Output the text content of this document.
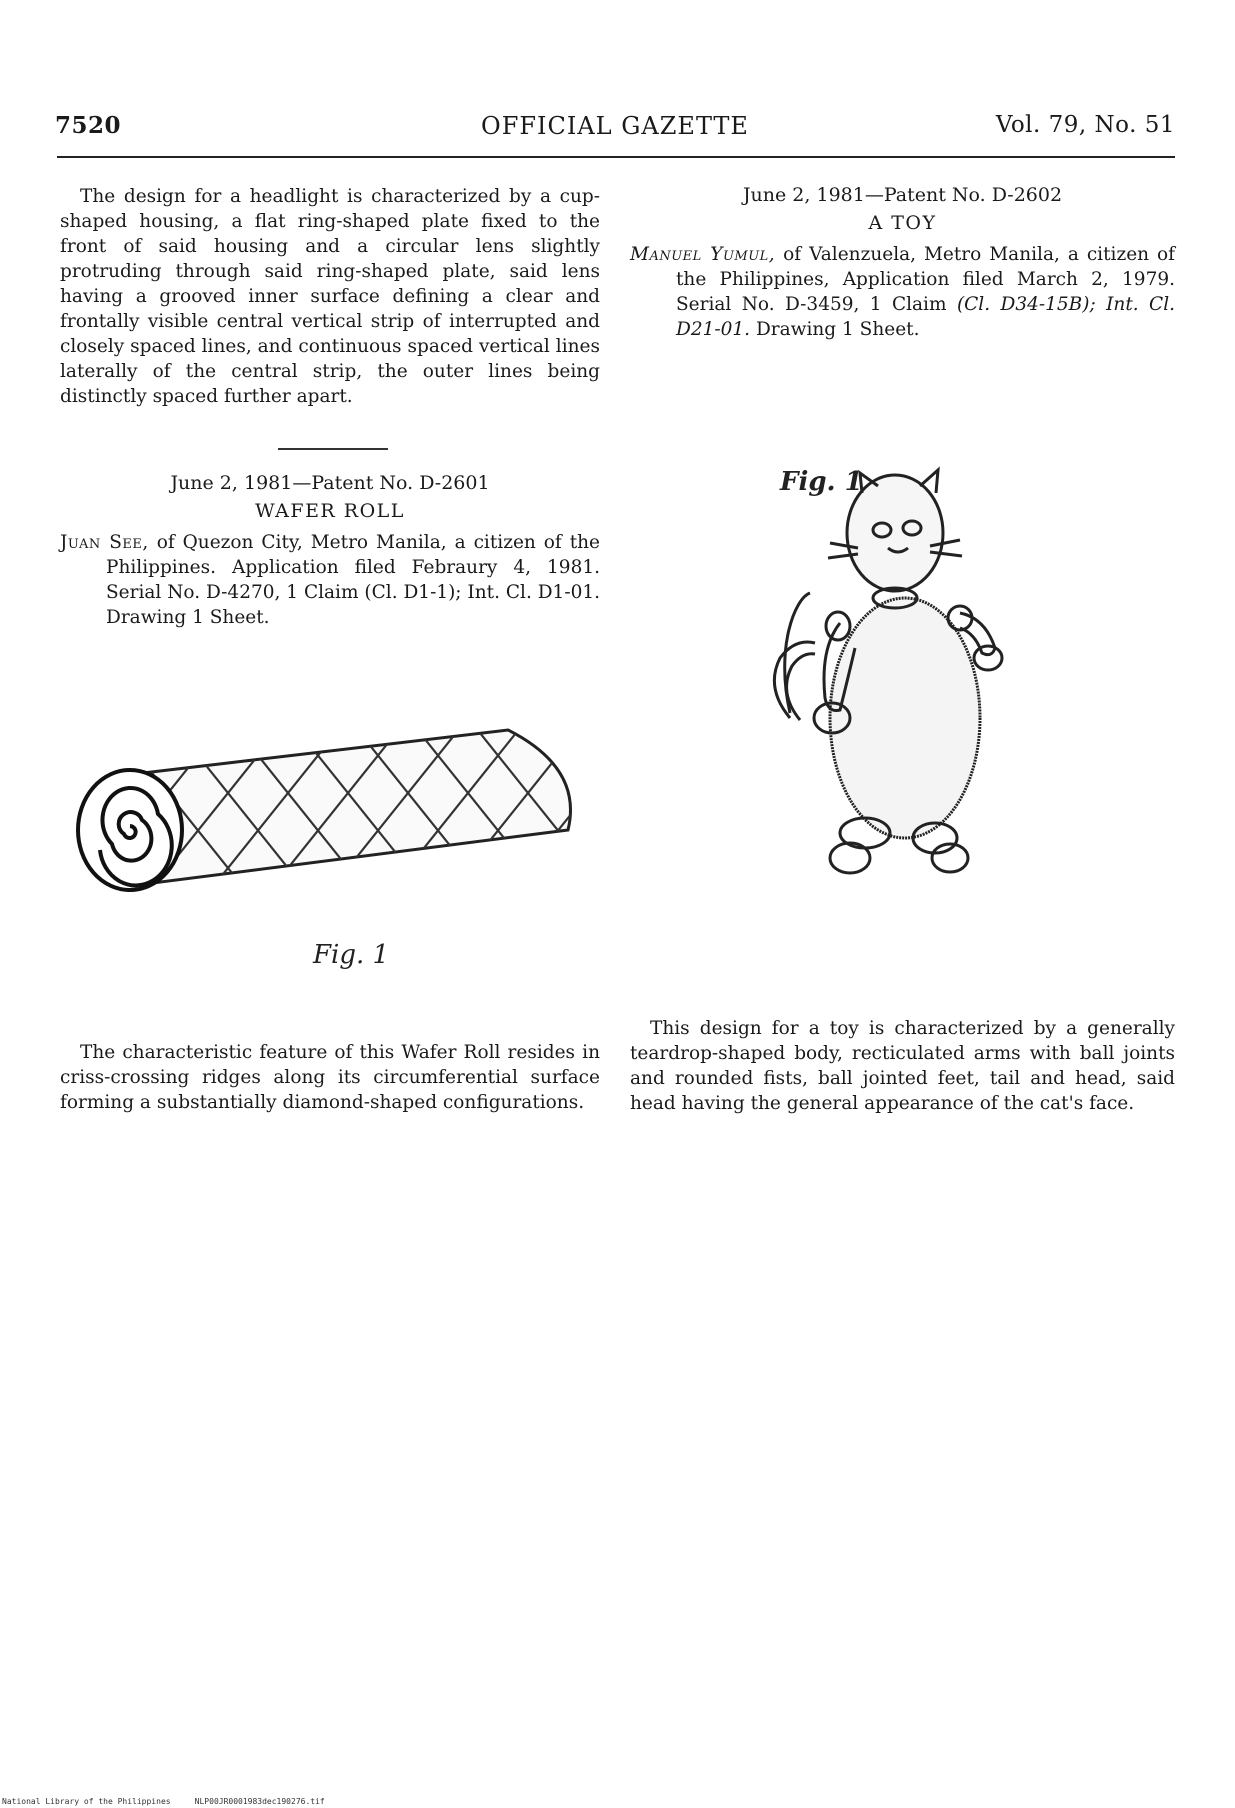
7520	OFFICIAL GAZETTE	Vol. 79, No. 51

The design for a headlight is characterized by a cup-shaped housing, a flat ring-shaped plate fixed to the front of said housing and a circular lens slightly protruding through said ring-shaped plate, said lens having a grooved inner surface defining a clear and frontally visible central vertical strip of interrupted and closely spaced lines, and continuous spaced vertical lines laterally of the central strip, the outer lines being distinctly spaced further apart.

June 2, 1981—Patent No. D-2601

WAFER ROLL

Juan See, of Quezon City, Metro Manila, a citizen of the Philippines. Application filed Febraury 4, 1981. Serial No. D-4270, 1 Claim (Cl. D1-1); Int. Cl. D1-01. Drawing 1 Sheet.

Fig. 1

The characteristic feature of this Wafer Roll resides in criss-crossing ridges along its circumferential surface forming a substantially diamond-shaped configurations.

June 2, 1981—Patent No. D-2602

A TOY

Manuel Yumul, of Valenzuela, Metro Manila, a citizen of the Philippines, Application filed March 2, 1979. Serial No. D-3459, 1 Claim (Cl. D34-15B); Int. Cl. D21-01. Drawing 1 Sheet.

Fig. 1

This design for a toy is characterized by a generally teardrop-shaped body, recticulated arms with ball joints and rounded fists, ball jointed feet, tail and head, said head having the general appearance of the cat's face.

National Library of the Philippines	NLP00JR0001983dec190276.tif
